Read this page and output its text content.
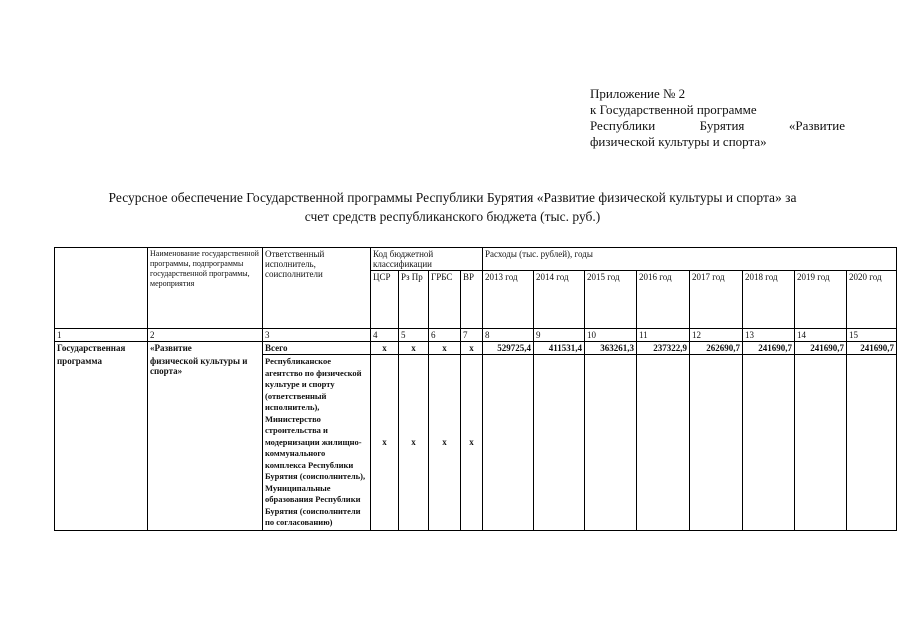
Приложение № 2
к Государственной программе
Республики	Бурятия	«Развитие
физической культуры и спорта»
Ресурсное обеспечение Государственной программы Республики Бурятия «Развитие физической культуры и спорта» за
счет средств республиканского бюджета (тыс. руб.)
	Наименование государственной программы, подпрограммы государственной программы, мероприятия	Ответственный исполнитель, соисполнители	Код бюджетной классификации				Расходы (тыс. рублей), годы							
			ЦСР	Рз Пр	ГРБС	ВР	2013 год	2014 год	2015 год	2016 год	2017 год	2018 год	2019 год	2020 год
1	2	3	4	5	6	7	8	9	10	11	12	13	14	15
Государственная	«Развитие	Всего	х	х	х	х	529725,4	411531,4	363261,3	237322,9	262690,7	241690,7	241690,7	241690,7
программа	физической культуры и спорта»	Республиканское агентство по физической культуре и спорту (ответственный исполнитель), Министерство строительства и модернизации жилищно-коммунального комплекса Республики Бурятия (соисполнитель), Муниципальные образования Республики Бурятия (соисполнители по согласованию)	х	х	х	х								
